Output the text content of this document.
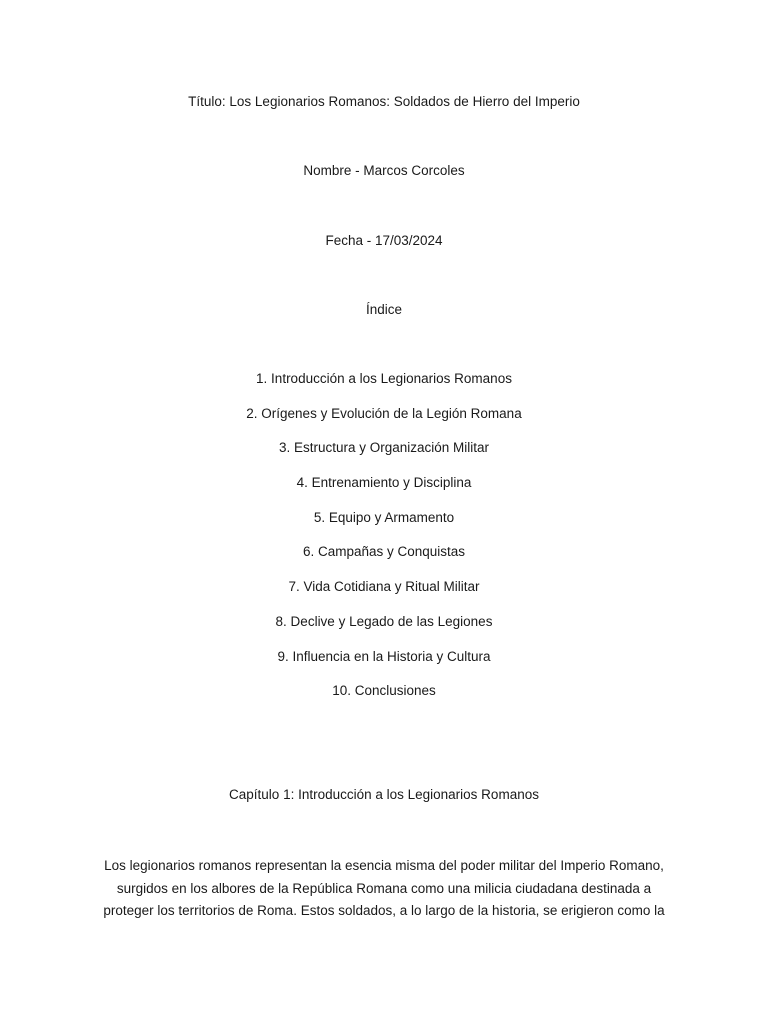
Título: Los Legionarios Romanos: Soldados de Hierro del Imperio
Nombre - Marcos Corcoles
Fecha - 17/03/2024
Índice
1. Introducción a los Legionarios Romanos
2. Orígenes y Evolución de la Legión Romana
3. Estructura y Organización Militar
4. Entrenamiento y Disciplina
5. Equipo y Armamento
6. Campañas y Conquistas
7. Vida Cotidiana y Ritual Militar
8. Declive y Legado de las Legiones
9. Influencia en la Historia y Cultura
10. Conclusiones
Capítulo 1: Introducción a los Legionarios Romanos

Los legionarios romanos representan la esencia misma del poder militar del Imperio Romano,
surgidos en los albores de la República Romana como una milicia ciudadana destinada a
proteger los territorios de Roma. Estos soldados, a lo largo de la historia, se erigieron como la
